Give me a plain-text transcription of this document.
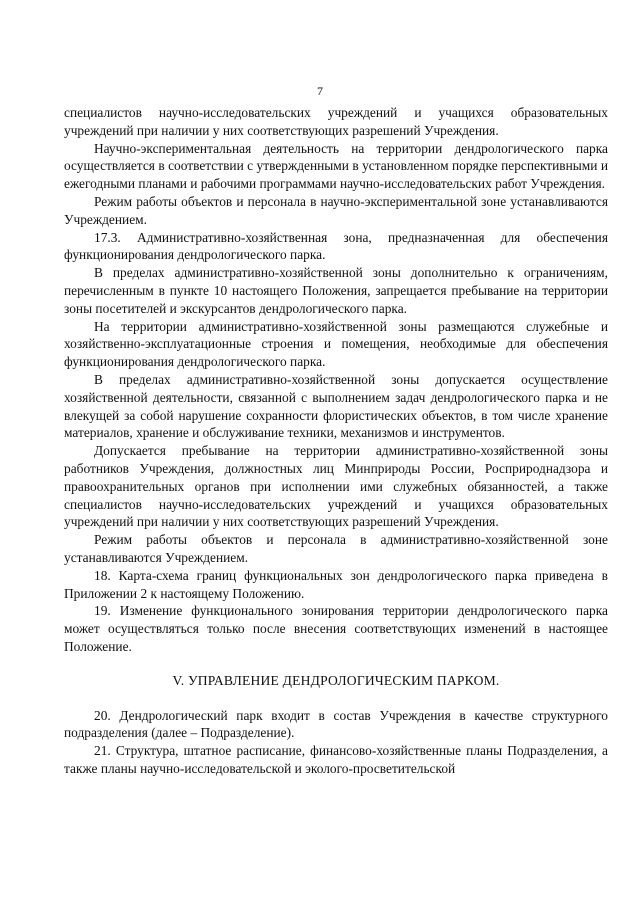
7

специалистов научно-исследовательских учреждений и учащихся образовательных учреждений при наличии у них соответствующих разрешений Учреждения.

Научно-экспериментальная деятельность на территории дендрологического парка осуществляется в соответствии с утвержденными в установленном порядке перспективными и ежегодными планами и рабочими программами научно-исследовательских работ Учреждения.

Режим работы объектов и персонала в научно-экспериментальной зоне устанавливаются Учреждением.

17.3. Административно-хозяйственная зона, предназначенная для обеспечения функционирования дендрологического парка.

В пределах административно-хозяйственной зоны дополнительно к ограничениям, перечисленным в пункте 10 настоящего Положения, запрещается пребывание на территории зоны посетителей и экскурсантов дендрологического парка.

На территории административно-хозяйственной зоны размещаются служебные и хозяйственно-эксплуатационные строения и помещения, необходимые для обеспечения функционирования дендрологического парка.

В пределах административно-хозяйственной зоны допускается осуществление хозяйственной деятельности, связанной с выполнением задач дендрологического парка и не влекущей за собой нарушение сохранности флористических объектов, в том числе хранение материалов, хранение и обслуживание техники, механизмов и инструментов.

Допускается пребывание на территории административно-хозяйственной зоны работников Учреждения, должностных лиц Минприроды России, Росприроднадзора и правоохранительных органов при исполнении ими служебных обязанностей, а также специалистов научно-исследовательских учреждений и учащихся образовательных учреждений при наличии у них соответствующих разрешений Учреждения.

Режим работы объектов и персонала в административно-хозяйственной зоне устанавливаются Учреждением.

18. Карта-схема границ функциональных зон дендрологического парка приведена в Приложении 2 к настоящему Положению.

19. Изменение функционального зонирования территории дендрологического парка может осуществляться только после внесения соответствующих изменений в настоящее Положение.

V. УПРАВЛЕНИЕ ДЕНДРОЛОГИЧЕСКИМ ПАРКОМ.

20. Дендрологический парк входит в состав Учреждения в качестве структурного подразделения (далее – Подразделение).

21. Структура, штатное расписание, финансово-хозяйственные планы Подразделения, а также планы научно-исследовательской и эколого-просветительской
